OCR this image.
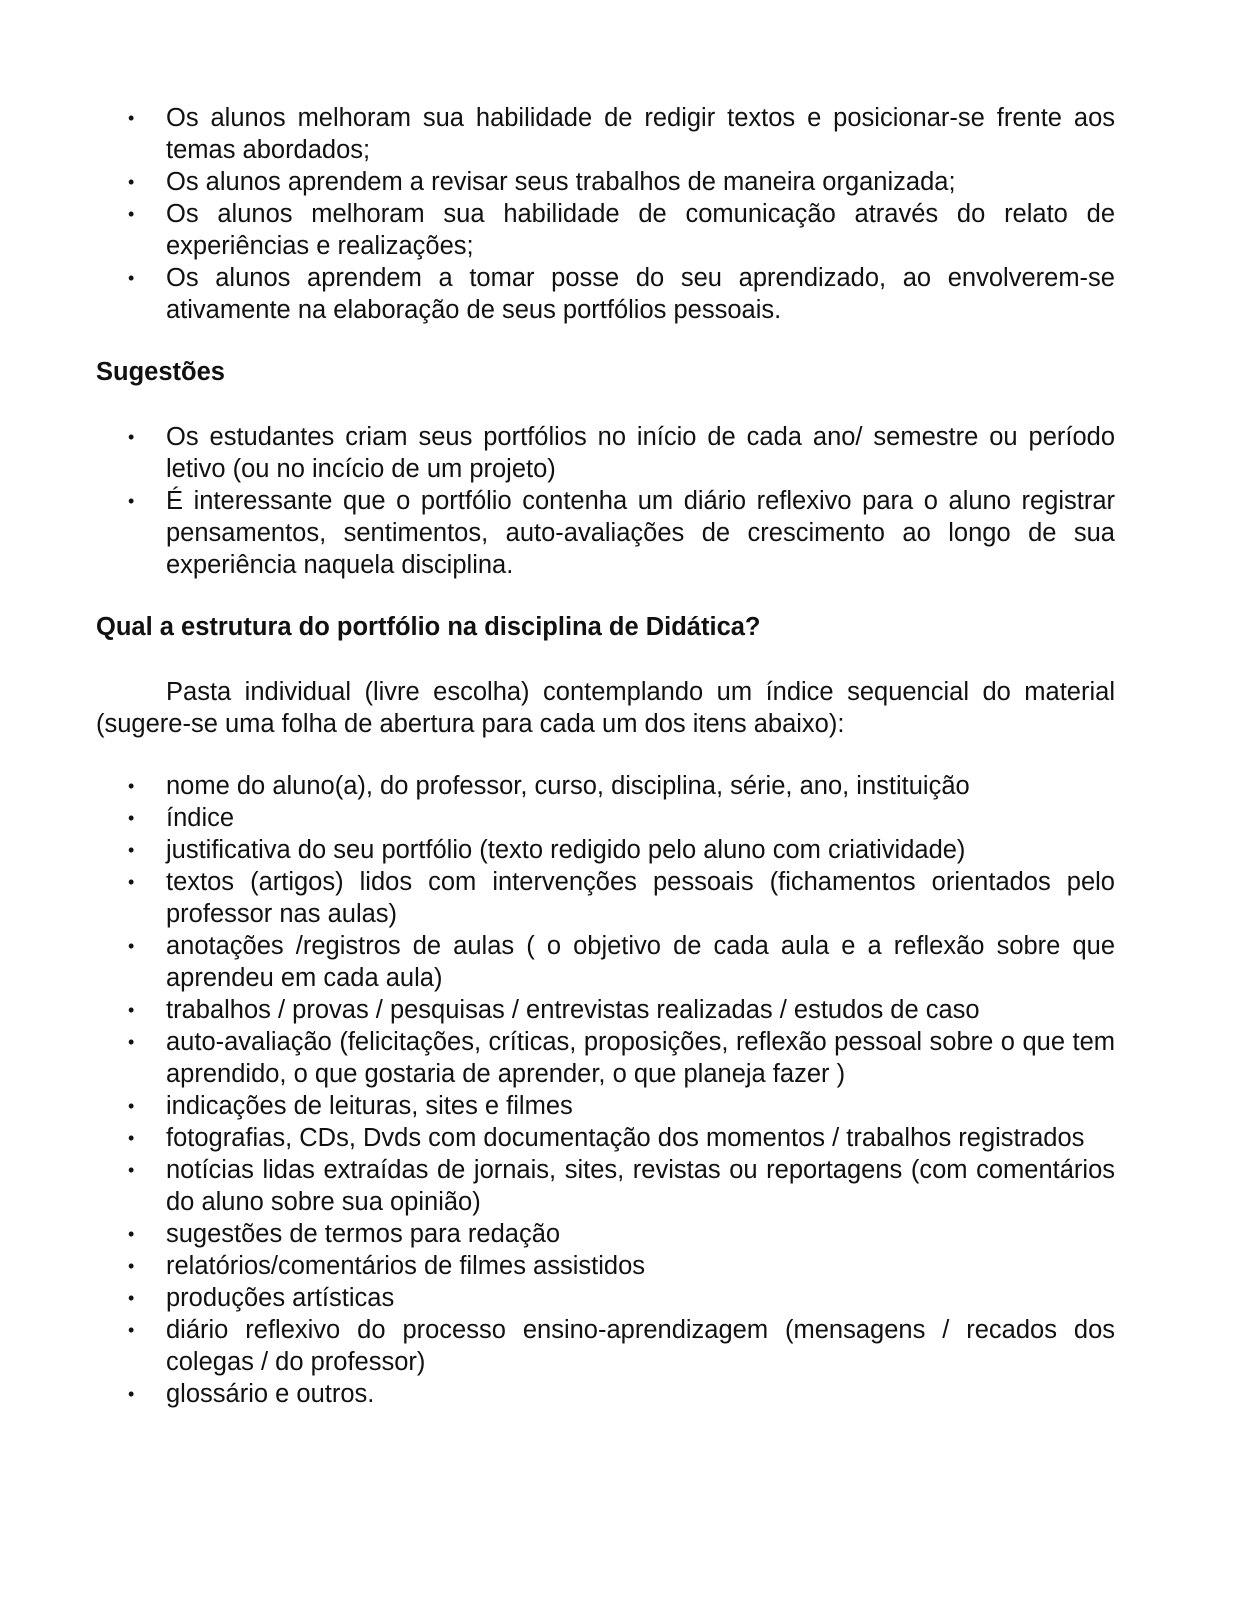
• Os alunos melhoram sua habilidade de redigir textos e posicionar-se frente aos temas abordados;
• Os alunos aprendem a revisar seus trabalhos de maneira organizada;
• Os alunos melhoram sua habilidade de comunicação através do relato de experiências e realizações;
• Os alunos aprendem a tomar posse do seu aprendizado, ao envolverem-se ativamente na elaboração de seus portfólios pessoais.
Sugestões
• Os estudantes criam seus portfólios no início de cada ano/ semestre ou período letivo (ou no incício de um projeto)
• É interessante que o portfólio contenha um diário reflexivo para o aluno registrar pensamentos, sentimentos, auto-avaliações de crescimento ao longo de sua experiência naquela disciplina.
Qual a estrutura do portfólio na disciplina de Didática?

Pasta individual (livre escolha) contemplando um índice sequencial do material (sugere-se uma folha de abertura para cada um dos itens abaixo):

• nome do aluno(a), do professor, curso, disciplina, série, ano, instituição
• índice
• justificativa do seu portfólio (texto redigido pelo aluno com criatividade)
• textos (artigos) lidos com intervenções pessoais (fichamentos orientados pelo professor nas aulas)
• anotações /registros de aulas ( o objetivo de cada aula e a reflexão sobre que aprendeu em cada aula)
• trabalhos / provas / pesquisas / entrevistas realizadas / estudos de caso
• auto-avaliação (felicitações, críticas, proposições, reflexão pessoal sobre o que tem aprendido, o que gostaria de aprender, o que planeja fazer )
• indicações de leituras, sites e filmes
• fotografias, CDs, Dvds com documentação dos momentos / trabalhos registrados
• notícias lidas extraídas de jornais, sites, revistas ou reportagens (com comentários do aluno sobre sua opinião)
• sugestões de termos para redação
• relatórios/comentários de filmes assistidos
• produções artísticas
• diário reflexivo do processo ensino-aprendizagem (mensagens / recados dos colegas / do professor)
• glossário e outros.
